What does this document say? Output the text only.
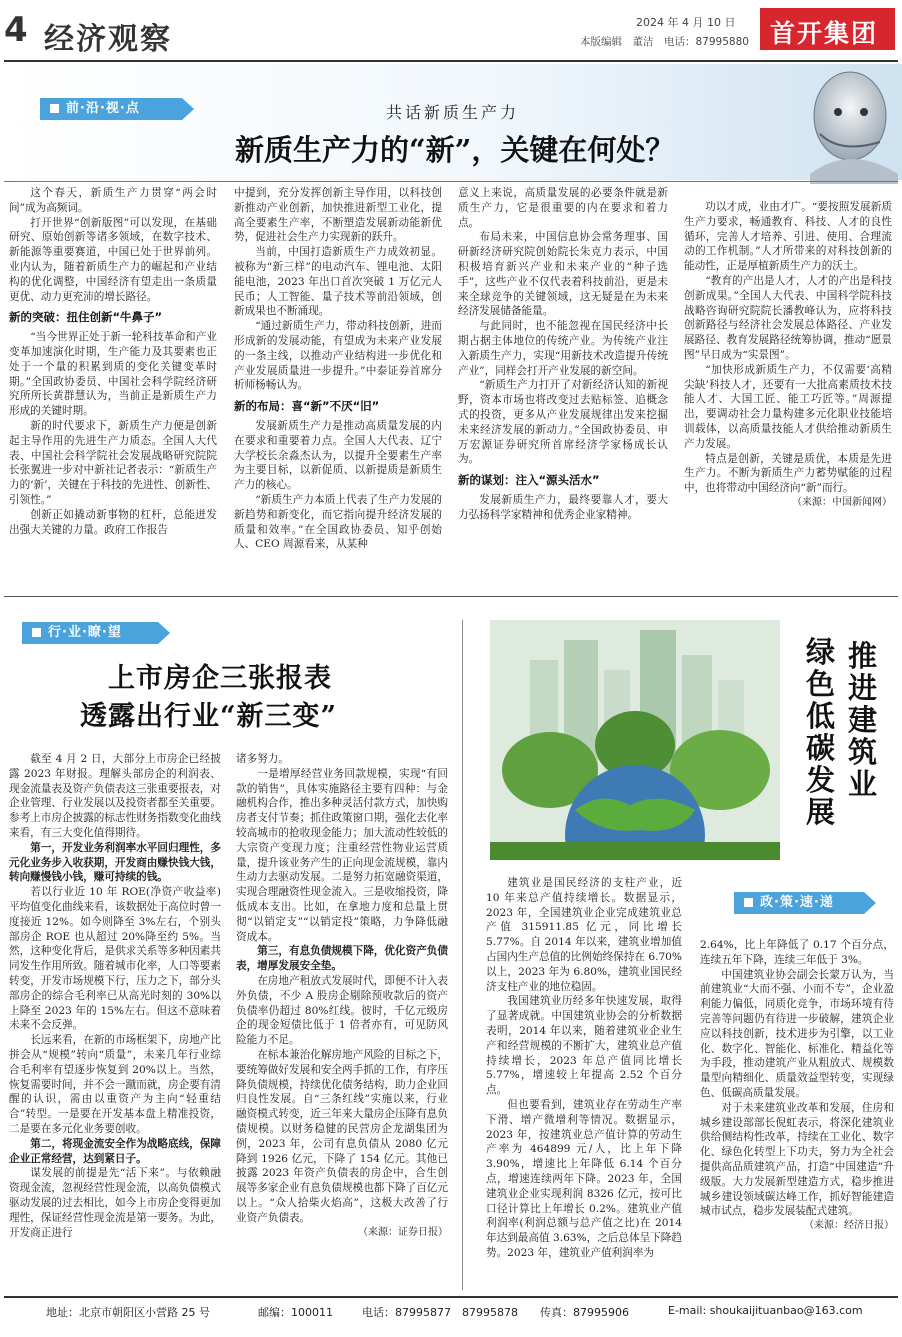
4 经济观察	2024 年 4 月 10 日
本版编辑　董洁　电话：87995880 首开集团
前·沿·视·点	共话新质生产力
新质生产力的“新”，关键在何处？

这个春天，新质生产力贯穿“两会时间”成为高频词。

打开世界“创新版图”可以发现，在基础研究、原始创新等诸多领域，在数字技术、新能源等重要赛道，中国已处于世界前列。业内认为，随着新质生产力的崛起和产业结构的优化调整，中国经济有望走出一条质量更优、动力更充沛的增长路径。

新的突破：扭住创新“牛鼻子”

“当今世界正处于新一轮科技革命和产业变革加速演化时期，生产能力及其要素也正处于一个量的积累到质的变化关键变革时期。”全国政协委员、中国社会科学院经济研究所所长黄群慧认为，当前正是新质生产力形成的关键时期。

新的时代要求下，新质生产力便是创新起主导作用的先进生产力质态。全国人大代表、中国社会科学院社会发展战略研究院院长张翼进一步对中新社记者表示：“新质生产力的‘新’，关键在于科技的先进性、创新性、引领性。”

创新正如撬动新事物的杠杆，总能迸发出强大关键的力量。政府工作报告

中提到，充分发挥创新主导作用，以科技创新推动产业创新，加快推进新型工业化，提高全要素生产率，不断塑造发展新动能新优势，促进社会生产力实现新的跃升。

当前，中国打造新质生产力成效初显。被称为“新三样”的电动汽车、锂电池、太阳能电池，2023 年出口首次突破 1 万亿元人民币；人工智能、量子技术等前沿领域，创新成果也不断涌现。

“通过新质生产力，带动科技创新，进而形成新的发展动能，有望成为未来产业发展的一条主线，以推动产业结构进一步优化和产业发展质量进一步提升。”中泰证券首席分析师杨畅认为。

新的布局：喜“新”不厌“旧”

发展新质生产力是推动高质量发展的内在要求和重要着力点。全国人大代表、辽宁大学校长余淼杰认为，以提升全要素生产率为主要目标，以新促质、以新提质是新质生产力的核心。

“新质生产力本质上代表了生产力发展的新趋势和新变化，而它指向提升经济发展的质量和效率。”在全国政协委员、知乎创始人、CEO 周源看来，从某种

意义上来说，高质量发展的必要条件就是新质生产力，它是很重要的内在要求和着力点。

布局未来，中国信息协会常务理事、国研新经济研究院创始院长朱克力表示，中国积极培育新兴产业和未来产业的“种子选手”，这些产业不仅代表着科技前沿，更是未来全球竞争的关键领域，这无疑是在为未来经济发展储备能量。

与此同时，也不能忽视在国民经济中长期占据主体地位的传统产业。为传统产业注入新质生产力，实现“用新技术改造提升传统产业”，同样会打开产业发展的新空间。

“新质生产力打开了对新经济认知的新视野，资本市场也将改变过去贴标签、追概念式的投资，更多从产业发展规律出发来挖掘未来经济发展的新动力。”全国政协委员、申万宏源证券研究所首席经济学家杨成长认为。

新的谋划：注入“源头活水”

发展新质生产力，最终要靠人才，要大力弘扬科学家精神和优秀企业家精神。

功以才成，业由才广。“要按照发展新质生产力要求，畅通教育、科技、人才的良性循环，完善人才培养、引进、使用、合理流动的工作机制。”人才所带来的对科技创新的能动性，正是厚植新质生产力的沃土。

“教育的产出是人才，人才的产出是科技创新成果。”全国人大代表、中国科学院科技战略咨询研究院院长潘教峰认为，应将科技创新路径与经济社会发展总体路径、产业发展路径、教育发展路径统筹协调，推动“愿景图”早日成为“实景图”。

“加快形成新质生产力，不仅需要‘高精尖缺’科技人才，还要有一大批高素质技术技能人才、大国工匠、能工巧匠等。”周源提出，要调动社会力量构建多元化职业技能培训载体，以高质量技能人才供给推动新质生产力发展。

特点是创新，关键是质优，本质是先进生产力。不断为新质生产力蓄势赋能的过程中，也将带动中国经济向“新”而行。

（来源：中国新闻网）

行·业·瞭·望
上市房企三张报表
透露出行业“新三变”

截至 4 月 2 日，大部分上市房企已经披露 2023 年财报。理解头部房企的利润表、现金流量表及资产负债表这三张重要报表，对企业管理、行业发展以及投资者都至关重要。参考上市房企披露的标志性财务指数变化曲线来看，有三大变化值得期待。

第一，开发业务利润率水平回归理性，多元化业务步入收获期，开发商由赚快钱大钱，转向赚慢钱小钱，赚可持续的钱。

若以行业近 10 年 ROE(净资产收益率)平均值变化曲线来看，该数据处于高位时曾一度接近 12%。如今则降至 3%左右，个别头部房企 ROE 也从超过 20%降至约 5%。当然，这种变化背后，是供求关系等多种因素共同发生作用所致。随着城市化率，人口等要素转变，开发市场规模下行，压力之下，部分头部房企的综合毛利率已从高光时刻的 30%以上降至 2023 年的 15%左右。但这不意味着未来不会反弹。

长远来看，在新的市场框架下，房地产比拼会从“规模”转向“质量”，未来几年行业综合毛利率有望逐步恢复到 20%以上。当然，恢复需要时间，并不会一蹴而就，房企要有清醒的认识，需由以重资产为主向“轻重结合”转型。一是要在开发基本盘上精准投资，二是要在多元化业务要创收。

第二，将现金流安全作为战略底线，保障企业正常经营，达到紧日子。

谋发展的前提是先“活下来”。与依赖融资现金流，忽视经营性现金流，以高负债模式驱动发展的过去相比，如今上市房企变得更加理性，保证经营性现金流是第一要务。为此，开发商正进行

诸多努力。

一是增厚经营业务回款规模，实现“有回款的销售”，具体实施路径主要有四种：与金融机构合作，推出多种灵活付款方式，加快购房者支付节奏；抓住政策窗口期，强化去化率较高城市的抢收现金能力；加大流动性较低的大宗资产变现力度；注重经营性物业运营质量，提升该业务产生的正向现金流规模，靠内生动力去驱动发展。二是努力拓宽融资渠道，实现合理融资性现金流入。三是收缩投资，降低成本支出。比如，在拿地力度和总量上贯彻“以销定支”“以销定投”策略，力争降低融资成本。

第三，有息负债规模下降，优化资产负债表，增厚发展安全垫。

在房地产租放式发展时代，即便不计入表外负债，不少 A 股房企剔除预收款后的资产负债率仍超过 80%红线。彼时，千亿元级房企的现金短债比低于 1 倍者亦有，可见防风险能力不足。

在标本兼治化解房地产风险的目标之下，要统筹做好发展和安全两手抓的工作，有序压降负债规模，持续优化债务结构，助力企业回归良性发展。自“三条红线”实施以来，行业融资模式转变，近三年来大量房企压降有息负债规模。以财务稳健的民营房企龙湖集团为例，2023 年，公司有息负债从 2080 亿元降到 1926 亿元，下降了 154 亿元。其他已披露 2023 年资产负债表的房企中，合生创展等多家企业有息负债规模也都下降了百亿元以上。“众人拾柴火焰高”，这极大改善了行业资产负债表。

（来源：证券日报）

推进建筑业
绿色低碳发展
政·策·速·递

建筑业是国民经济的支柱产业，近 10 年来总产值持续增长。数据显示，2023 年，全国建筑业企业完成建筑业总产值 315911.85 亿元，同比增长 5.77%。自 2014 年以来，建筑业增加值占国内生产总值的比例始终保持在 6.70%以上，2023 年为 6.80%，建筑业国民经济支柱产业的地位稳固。

我国建筑业历经多年快速发展，取得了显著成就。中国建筑业协会的分析数据表明，2014 年以来，随着建筑业企业生产和经营规模的不断扩大，建筑业总产值持续增长，2023 年总产值同比增长 5.77%，增速较上年提高 2.52 个百分点。

但也要看到，建筑业存在劳动生产率下滑、增产微增利等情况。数据显示，2023 年，按建筑业总产值计算的劳动生产率为 464899 元/人，比上年下降 3.90%，增速比上年降低 6.14 个百分点，增速连续两年下降。2023 年，全国建筑业企业实现利润 8326 亿元，按可比口径计算比上年增长 0.2%。建筑业产值利润率(利润总额与总产值之比)在 2014 年达到最高值 3.63%，之后总体呈下降趋势。2023 年，建筑业产值利润率为

2.64%，比上年降低了 0.17 个百分点，连续五年下降，连续三年低于 3%。

中国建筑业协会副会长蒙万认为，当前建筑业“大而不强、小而不专”，企业盈利能力偏低，同质化竞争，市场环境有待完善等问题仍有待进一步破解，建筑企业应以科技创新，技术进步为引擎，以工业化、数字化、智能化、标准化、精益化等为手段，推动建筑产业从粗放式、规模数量型向精细化、质量效益型转变，实现绿色、低碳高质量发展。

对于未来建筑业改革和发展，住房和城乡建设部部长倪虹表示，将深化建筑业供给侧结构性改革，持续在工业化、数字化、绿色化转型上下功夫，努力为全社会提供高品质建筑产品，打造“中国建造”升级版。大力发展新型建造方式，稳步推进城乡建设领域碳达峰工作，抓好智能建造城市试点，稳步发展装配式建筑。

（来源：经济日报）

地址：北京市朝阳区小营路 25 号	邮编：100011	电话：87995877　87995878 传真：87995906	E-mail: shoukaijituanbao@163.com
